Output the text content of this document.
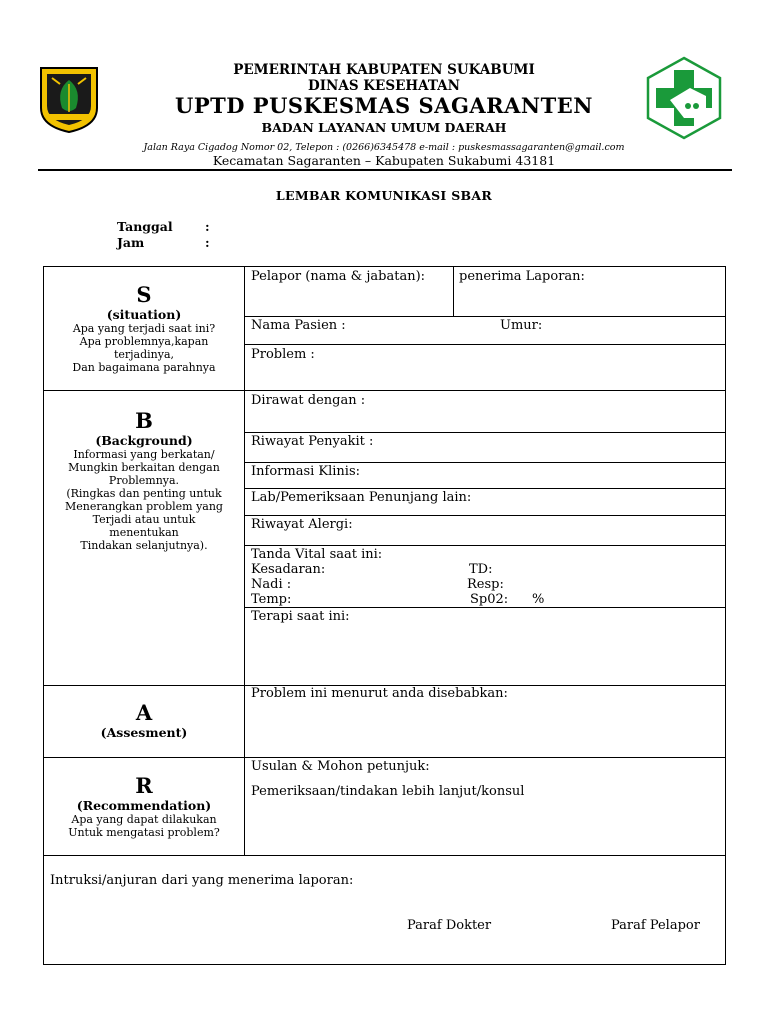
PEMERINTAH KABUPATEN SUKABUMI
DINAS KESEHATAN
UPTD PUSKESMAS SAGARANTEN
BADAN LAYANAN UMUM DAERAH
Jalan Raya Cigadog Nomor 02, Telepon : (0266)6345478 e-mail : puskesmassagaranten@gmail.com
Kecamatan Sagaranten – Kabupaten Sukabumi 43181
LEMBAR KOMUNIKASI SBAR
Tanggal	:
Jam	:
S
(situation)
Apa yang terjadi saat ini?
Apa problemnya,kapan
terjadinya,
Dan bagaimana parahnya
Pelapor (nama & jabatan):	penerima Laporan:
Nama Pasien :	Umur:
Problem :
B
(Background)
Informasi yang berkatan/
Mungkin berkaitan dengan
Problemnya.
(Ringkas dan penting untuk
Menerangkan problem yang
Terjadi atau untuk
menentukan
Tindakan selanjutnya).
Dirawat dengan :
Riwayat Penyakit :
Informasi Klinis:
Lab/Pemeriksaan Penunjang lain:
Riwayat Alergi:
Tanda Vital saat ini:
Kesadaran:	TD:
Nadi :	Resp:
Temp:	Sp02: %
Terapi saat ini:
A
(Assesment)
Problem ini menurut anda disebabkan:
R
(Recommendation)
Apa yang dapat dilakukan
Untuk mengatasi problem?
Usulan & Mohon petunjuk:
Pemeriksaan/tindakan lebih lanjut/konsul
Intruksi/anjuran dari yang menerima laporan:
Paraf Dokter	Paraf Pelapor
